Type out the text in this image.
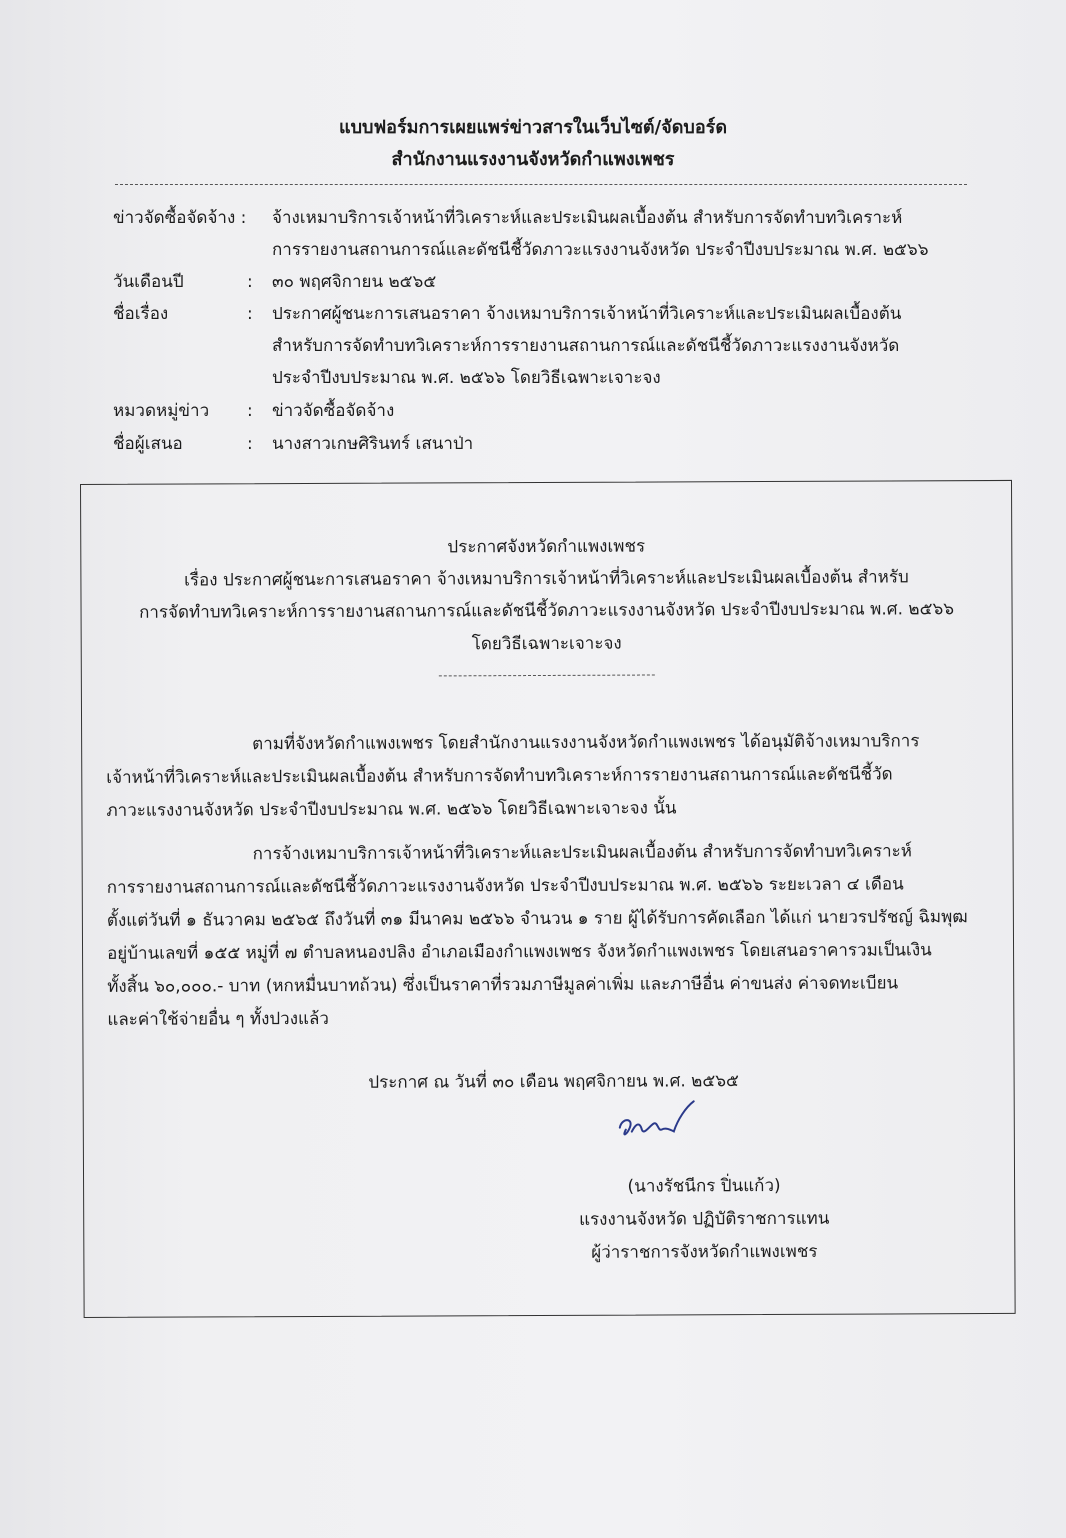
แบบฟอร์มการเผยแพร่ข่าวสารในเว็บไซต์/จัดบอร์ด
สำนักงานแรงงานจังหวัดกำแพงเพชร
ข่าวจัดซื้อจัดจ้าง :	จ้างเหมาบริการเจ้าหน้าที่วิเคราะห์และประเมินผลเบื้องต้น สำหรับการจัดทำบทวิเคราะห์
การรายงานสถานการณ์และดัชนีชี้วัดภาวะแรงงานจังหวัด ประจำปีงบประมาณ พ.ศ. ๒๕๖๖
วันเดือนปี	: ๓๐ พฤศจิกายน ๒๕๖๕
ชื่อเรื่อง	: ประกาศผู้ชนะการเสนอราคา จ้างเหมาบริการเจ้าหน้าที่วิเคราะห์และประเมินผลเบื้องต้น
สำหรับการจัดทำบทวิเคราะห์การรายงานสถานการณ์และดัชนีชี้วัดภาวะแรงงานจังหวัด
ประจำปีงบประมาณ พ.ศ. ๒๕๖๖ โดยวิธีเฉพาะเจาะจง
หมวดหมู่ข่าว	: ข่าวจัดซื้อจัดจ้าง
ชื่อผู้เสนอ	: นางสาวเกษศิรินทร์ เสนาป่า
ประกาศจังหวัดกำแพงเพชร
เรื่อง ประกาศผู้ชนะการเสนอราคา จ้างเหมาบริการเจ้าหน้าที่วิเคราะห์และประเมินผลเบื้องต้น สำหรับ
การจัดทำบทวิเคราะห์การรายงานสถานการณ์และดัชนีชี้วัดภาวะแรงงานจังหวัด ประจำปีงบประมาณ พ.ศ. ๒๕๖๖
โดยวิธีเฉพาะเจาะจง
ตามที่จังหวัดกำแพงเพชร โดยสำนักงานแรงงานจังหวัดกำแพงเพชร ได้อนุมัติจ้างเหมาบริการ
เจ้าหน้าที่วิเคราะห์และประเมินผลเบื้องต้น สำหรับการจัดทำบทวิเคราะห์การรายงานสถานการณ์และดัชนีชี้วัด
ภาวะแรงงานจังหวัด ประจำปีงบประมาณ พ.ศ. ๒๕๖๖ โดยวิธีเฉพาะเจาะจง นั้น
การจ้างเหมาบริการเจ้าหน้าที่วิเคราะห์และประเมินผลเบื้องต้น สำหรับการจัดทำบทวิเคราะห์
การรายงานสถานการณ์และดัชนีชี้วัดภาวะแรงงานจังหวัด ประจำปีงบประมาณ พ.ศ. ๒๕๖๖ ระยะเวลา ๔ เดือน
ตั้งแต่วันที่ ๑ ธันวาคม ๒๕๖๕ ถึงวันที่ ๓๑ มีนาคม ๒๕๖๖ จำนวน ๑ ราย ผู้ได้รับการคัดเลือก ได้แก่ นายวรปรัชญ์ ฉิมพุฒ
อยู่บ้านเลขที่ ๑๕๕ หมู่ที่ ๗ ตำบลหนองปลิง อำเภอเมืองกำแพงเพชร จังหวัดกำแพงเพชร โดยเสนอราคารวมเป็นเงิน
ทั้งสิ้น ๖๐,๐๐๐.- บาท (หกหมื่นบาทถ้วน) ซึ่งเป็นราคาที่รวมภาษีมูลค่าเพิ่ม และภาษีอื่น ค่าขนส่ง ค่าจดทะเบียน
และค่าใช้จ่ายอื่น ๆ ทั้งปวงแล้ว
ประกาศ ณ วันที่ ๓๐ เดือน พฤศจิกายน พ.ศ. ๒๕๖๕
(นางรัชนีกร ปิ่นแก้ว)
แรงงานจังหวัด ปฏิบัติราชการแทน
ผู้ว่าราชการจังหวัดกำแพงเพชร
